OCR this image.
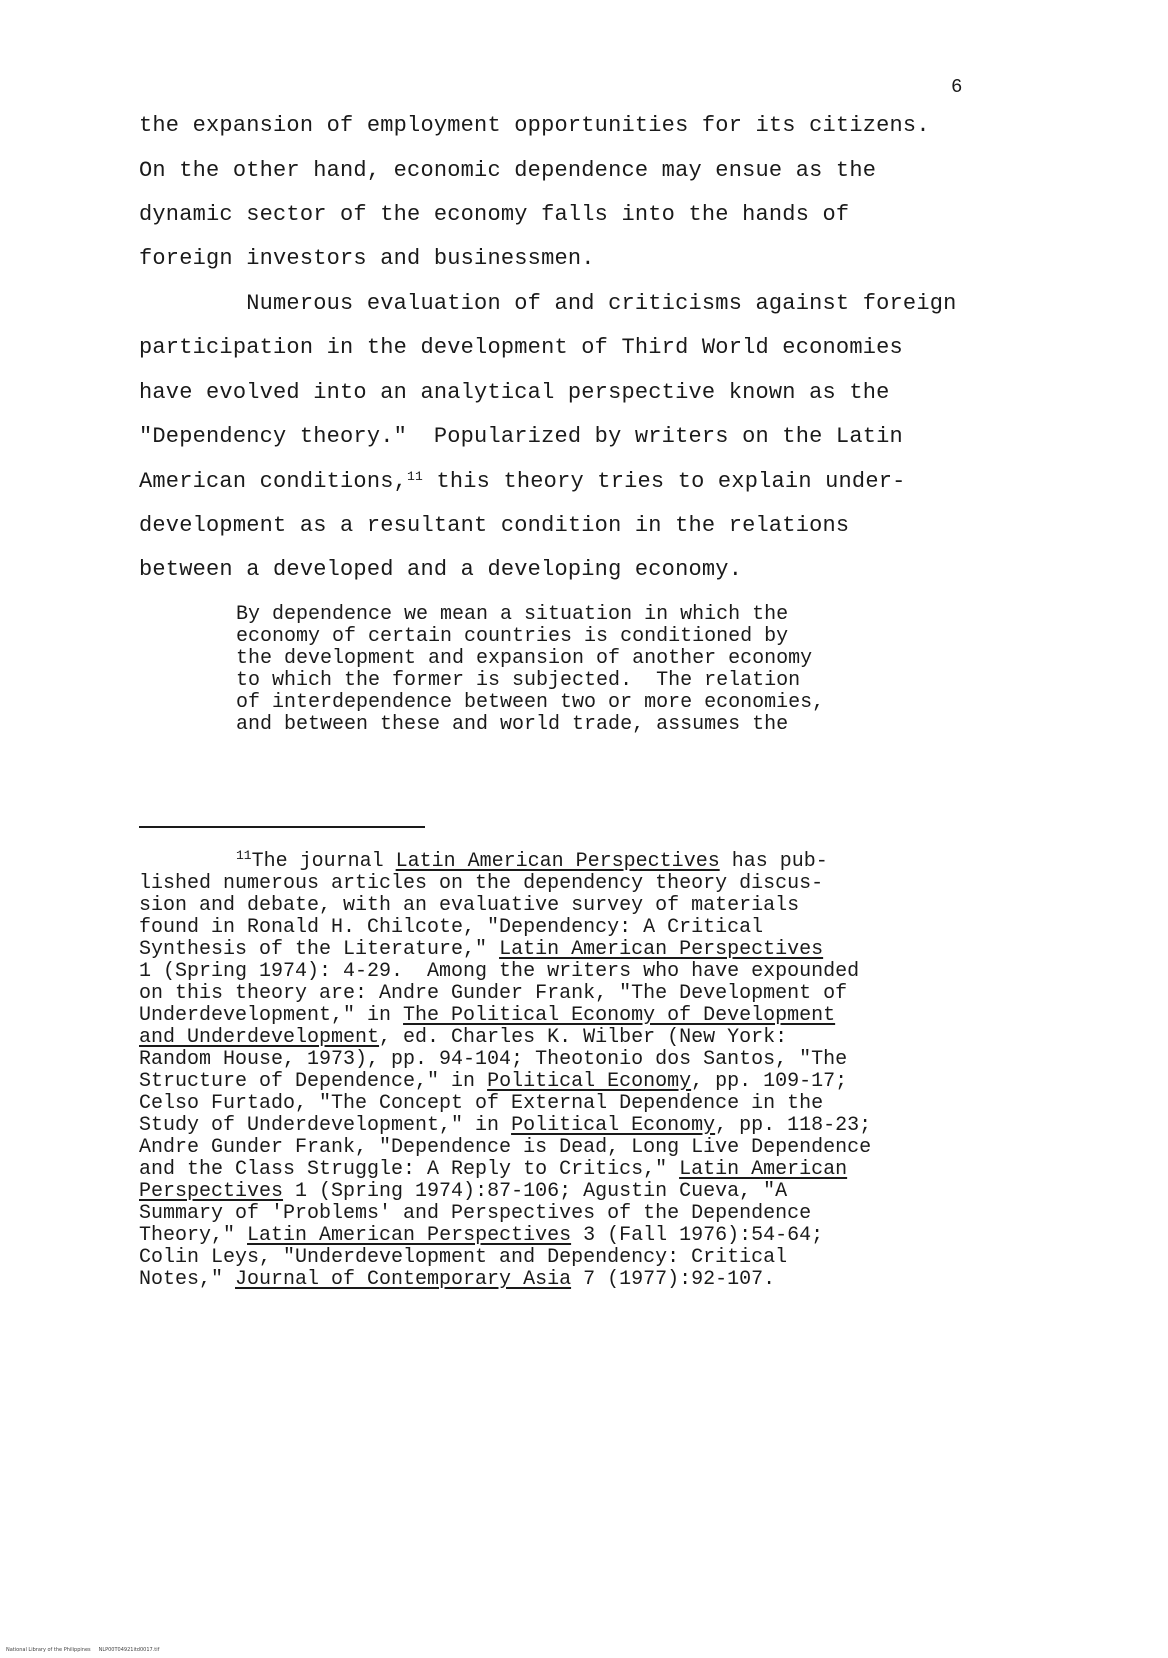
6
the expansion of employment opportunities for its citizens.
On the other hand, economic dependence may ensue as the
dynamic sector of the economy falls into the hands of
foreign investors and businessmen.
Numerous evaluation of and criticisms against foreign
participation in the development of Third World economies
have evolved into an analytical perspective known as the
"Dependency theory."  Popularized by writers on the Latin
American conditions,$^{11}$ this theory tries to explain under-
development as a resultant condition in the relations
between a developed and a developing economy.
By dependence we mean a situation in which the
economy of certain countries is conditioned by
the development and expansion of another economy
to which the former is subjected.  The relation
of interdependence between two or more economies,
and between these and world trade, assumes the
$^{11}$The journal Latin American Perspectives has pub-
lished numerous articles on the dependency theory discus-
sion and debate, with an evaluative survey of materials
found in Ronald H. Chilcote, "Dependency: A Critical
Synthesis of the Literature," Latin American Perspectives
1 (Spring 1974): 4-29.  Among the writers who have expounded
on this theory are: Andre Gunder Frank, "The Development of
Underdevelopment," in The Political Economy of Development
and Underdevelopment, ed. Charles K. Wilber (New York:
Random House, 1973), pp. 94-104; Theotonio dos Santos, "The
Structure of Dependence," in Political Economy, pp. 109-17;
Celso Furtado, "The Concept of External Dependence in the
Study of Underdevelopment," in Political Economy, pp. 118-23;
Andre Gunder Frank, "Dependence is Dead, Long Live Dependence
and the Class Struggle: A Reply to Critics," Latin American
Perspectives 1 (Spring 1974):87-106; Agustin Cueva, "A
Summary of 'Problems' and Perspectives of the Dependence
Theory," Latin American Perspectives 3 (Fall 1976):54-64;
Colin Leys, "Underdevelopment and Dependency: Critical
Notes," Journal of Contemporary Asia 7 (1977):92-107.
National Library of the Philippines     NLP00T04921itd0017.tif
